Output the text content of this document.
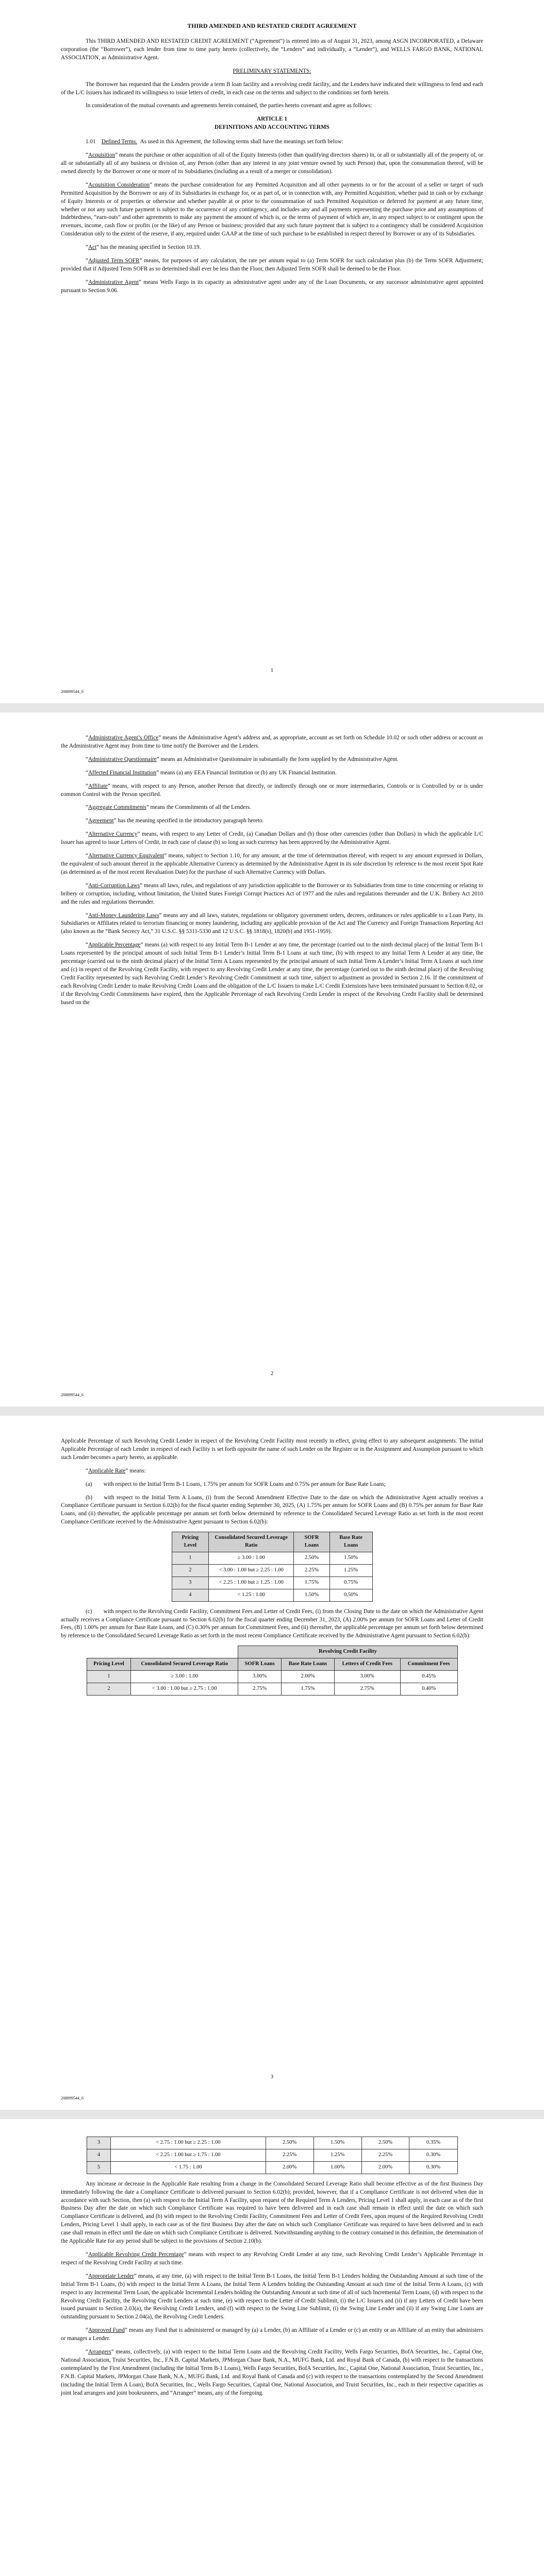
THIRD AMENDED AND RESTATED CREDIT AGREEMENT

This THIRD AMENDED AND RESTATED CREDIT AGREEMENT (“Agreement”) is entered into as of August 31, 2023, among ASGN INCORPORATED, a Delaware corporation (the “Borrower”), each lender from time to time party hereto (collectively, the “Lenders” and individually, a “Lender”), and WELLS FARGO BANK, NATIONAL ASSOCIATION, as Administrative Agent.

PRELIMINARY STATEMENTS:

The Borrower has requested that the Lenders provide a term B loan facility and a revolving credit facility, and the Lenders have indicated their willingness to lend and each of the L/C Issuers has indicated its willingness to issue letters of credit, in each case on the terms and subject to the conditions set forth herein.

In consideration of the mutual covenants and agreements herein contained, the parties hereto covenant and agree as follows:

ARTICLE 1

DEFINITIONS AND ACCOUNTING TERMS

1.01  Defined Terms.  As used in this Agreement, the following terms shall have the meanings set forth below:

“Acquisition” means the purchase or other acquisition of all of the Equity Interests (other than qualifying directors shares) in, or all or substantially all of the property of, or all or substantially all of any business or division of, any Person (other than any interest in any joint venture owned by such Person) that, upon the consummation thereof, will be owned directly by the Borrower or one or more of its Subsidiaries (including as a result of a merger or consolidation).

“Acquisition Consideration” means the purchase consideration for any Permitted Acquisition and all other payments to or for the account of a seller or target of such Permitted Acquisition by the Borrower or any of its Subsidiaries in exchange for, or as part of, or in connection with, any Permitted Acquisition, whether paid in cash or by exchange of Equity Interests or of properties or otherwise and whether payable at or prior to the consummation of such Permitted Acquisition or deferred for payment at any future time, whether or not any such future payment is subject to the occurrence of any contingency, and includes any and all payments representing the purchase price and any assumptions of Indebtedness, “earn-outs” and other agreements to make any payment the amount of which is, or the terms of payment of which are, in any respect subject to or contingent upon the revenues, income, cash flow or profits (or the like) of any Person or business; provided that any such future payment that is subject to a contingency shall be considered Acquisition Consideration only to the extent of the reserve, if any, required under GAAP at the time of such purchase to be established in respect thereof by Borrower or any of its Subsidiaries.

“Act” has the meaning specified in Section 10.19.

“Adjusted Term SOFR” means, for purposes of any calculation, the rate per annum equal to (a) Term SOFR for such calculation plus (b) the Term SOFR Adjustment; provided that if Adjusted Term SOFR as so determined shall ever be less than the Floor, then Adjusted Term SOFR shall be deemed to be the Floor.

“Administrative Agent” means Wells Fargo in its capacity as administrative agent under any of the Loan Documents, or any successor administrative agent appointed pursuant to Section 9.06.

1
208899544_6

“Administrative Agent’s Office” means the Administrative Agent’s address and, as appropriate, account as set forth on Schedule 10.02 or such other address or account as the Administrative Agent may from time to time notify the Borrower and the Lenders.

“Administrative Questionnaire” means an Administrative Questionnaire in substantially the form supplied by the Administrative Agent.

“Affected Financial Institution” means (a) any EEA Financial Institution or (b) any UK Financial Institution.

“Affiliate” means, with respect to any Person, another Person that directly, or indirectly through one or more intermediaries, Controls or is Controlled by or is under common Control with the Person specified.

“Aggregate Commitments” means the Commitments of all the Lenders.

“Agreement” has the meaning specified in the introductory paragraph hereto.

“Alternative Currency” means, with respect to any Letter of Credit, (a) Canadian Dollars and (b) those other currencies (other than Dollars) in which the applicable L/C Issuer has agreed to issue Letters of Credit, in each case of clause (b) so long as such currency has been approved by the Administrative Agent.

“Alternative Currency Equivalent” means, subject to Section 1.10, for any amount, at the time of determination thereof, with respect to any amount expressed in Dollars, the equivalent of such amount thereof in the applicable Alternative Currency as determined by the Administrative Agent in its sole discretion by reference to the most recent Spot Rate (as determined as of the most recent Revaluation Date) for the purchase of such Alternative Currency with Dollars.

“Anti-Corruption Laws” means all laws, rules, and regulations of any jurisdiction applicable to the Borrower or its Subsidiaries from time to time concerning or relating to bribery or corruption, including, without limitation, the United States Foreign Corrupt Practices Act of 1977 and the rules and regulations thereunder and the U.K. Bribery Act 2010 and the rules and regulations thereunder.

“Anti-Money Laundering Laws” means any and all laws, statutes, regulations or obligatory government orders, decrees, ordinances or rules applicable to a Loan Party, its Subsidiaries or Affiliates related to terrorism financing or money laundering, including any applicable provision of the Act and The Currency and Foreign Transactions Reporting Act (also known as the “Bank Secrecy Act,” 31 U.S.C. §§ 5311-5330 and 12 U.S.C. §§ 1818(s), 1820(b) and 1951-1959).

“Applicable Percentage” means (a) with respect to any Initial Term B-1 Lender at any time, the percentage (carried out to the ninth decimal place) of the Initial Term B-1 Loans represented by the principal amount of such Initial Term B-1 Lender’s Initial Term B-1 Loans at such time, (b) with respect to any Initial Term A Lender at any time, the percentage (carried out to the ninth decimal place) of the Initial Term A Loans represented by the principal amount of such Initial Term A Lender’s Initial Term A Loans at such time and (c) in respect of the Revolving Credit Facility, with respect to any Revolving Credit Lender at any time, the percentage (carried out to the ninth decimal place) of the Revolving Credit Facility represented by such Revolving Credit Lender’s Revolving Credit Commitment at such time, subject to adjustment as provided in Section 2.16. If the commitment of each Revolving Credit Lender to make Revolving Credit Loans and the obligation of the L/C Issuers to make L/C Credit Extensions have been terminated pursuant to Section 8.02, or if the Revolving Credit Commitments have expired, then the Applicable Percentage of each Revolving Credit Lender in respect of the Revolving Credit Facility shall be determined based on the

2
208899544_6

Applicable Percentage of such Revolving Credit Lender in respect of the Revolving Credit Facility most recently in effect, giving effect to any subsequent assignments. The initial Applicable Percentage of each Lender in respect of each Facility is set forth opposite the name of such Lender on the Register or in the Assignment and Assumption pursuant to which such Lender becomes a party hereto, as applicable.

“Applicable Rate” means:

(a)  with respect to the Initial Term B-1 Loans, 1.75% per annum for SOFR Loans and 0.75% per annum for Base Rate Loans;

(b)  with respect to the Initial Term A Loans, (i) from the Second Amendment Effective Date to the date on which the Administrative Agent actually receives a Compliance Certificate pursuant to Section 6.02(b) for the fiscal quarter ending September 30, 2025, (A) 1.75% per annum for SOFR Loans and (B) 0.75% per annum for Base Rate Loans, and (ii) thereafter, the applicable percentage per annum set forth below determined by reference to the Consolidated Secured Leverage Ratio as set forth in the most recent Compliance Certificate received by the Administrative Agent pursuant to Section 6.02(b):

Pricing Level	Consolidated Secured Leverage Ratio	SOFR Loans	Base Rate Loans
1	≥ 3.00 : 1.00	2.50%	1.50%
2	< 3.00 : 1.00 but ≥ 2.25 : 1.00	2.25%	1.25%
3	< 2.25 : 1.00 but ≥ 1.25 : 1.00	1.75%	0.75%
4	< 1.25 : 1.00	1.50%	0.50%

(c)  with respect to the Revolving Credit Facility, Commitment Fees and Letter of Credit Fees, (i) from the Closing Date to the date on which the Administrative Agent actually receives a Compliance Certificate pursuant to Section 6.02(b) for the fiscal quarter ending December 31, 2023, (A) 2.00% per annum for SOFR Loans and Letter of Credit Fees, (B) 1.00% per annum for Base Rate Loans, and (C) 0.30% per annum for Commitment Fees, and (ii) thereafter, the applicable percentage per annum set forth below determined by reference to the Consolidated Secured Leverage Ratio as set forth in the most recent Compliance Certificate received by the Administrative Agent pursuant to Section 6.02(b):

		Revolving Credit Facility			
Pricing Level	Consolidated Secured Leverage Ratio	SOFR Loans	Base Rate Loans	Letters of Credit Fees	Commitment Fees
1	≥ 3.00 : 1.00	3.00%	2.00%	3.00%	0.45%
2	< 3.00 : 1.00 but ≥ 2.75 : 1.00	2.75%	1.75%	2.75%	0.40%
3
208899544_6
3	< 2.75 : 1.00 but ≥ 2.25 : 1.00	2.50%	1.50%	2.50%	0.35%
4	< 2.25 : 1.00 but ≥ 1.75 : 1.00	2.25%	1.25%	2.25%	0.30%
5	< 1.75 : 1.00	2.00%	1.00%	2.00%	0.30%

Any increase or decrease in the Applicable Rate resulting from a change in the Consolidated Secured Leverage Ratio shall become effective as of the first Business Day immediately following the date a Compliance Certificate is delivered pursuant to Section 6.02(b); provided, however, that if a Compliance Certificate is not delivered when due in accordance with such Section, then (a) with respect to the Initial Term A Facility, upon request of the Required Term A Lenders, Pricing Level 1 shall apply, in each case as of the first Business Day after the date on which such Compliance Certificate was required to have been delivered and in each case shall remain in effect until the date on which such Compliance Certificate is delivered, and (b) with respect to the Revolving Credit Facility, Commitment Fees and Letter of Credit Fees, upon request of the Required Revolving Credit Lenders, Pricing Level 1 shall apply, in each case as of the first Business Day after the date on which such Compliance Certificate was required to have been delivered and in each case shall remain in effect until the date on which such Compliance Certificate is delivered. Notwithstanding anything to the contrary contained in this definition, the determination of the Applicable Rate for any period shall be subject to the provisions of Section 2.10(b).

“Applicable Revolving Credit Percentage” means with respect to any Revolving Credit Lender at any time, such Revolving Credit Lender’s Applicable Percentage in respect of the Revolving Credit Facility at such time.

“Appropriate Lender” means, at any time, (a) with respect to the Initial Term B-1 Loans, the Initial Term B-1 Lenders holding the Outstanding Amount at such time of the Initial Term B-1 Loans, (b) with respect to the Initial Term A Loans, the Initial Term A Lenders holding the Outstanding Amount at such time of the Initial Term A Loans, (c) with respect to any Incremental Term Loan, the applicable Incremental Lenders holding the Outstanding Amount at such time of all of such Incremental Term Loans, (d) with respect to the Revolving Credit Facility, the Revolving Credit Lenders at such time, (e) with respect to the Letter of Credit Sublimit, (i) the L/C Issuers and (ii) if any Letters of Credit have been issued pursuant to Section 2.03(a), the Revolving Credit Lenders, and (f) with respect to the Swing Line Sublimit, (i) the Swing Line Lender and (ii) if any Swing Line Loans are outstanding pursuant to Section 2.04(a), the Revolving Credit Lenders.

“Approved Fund” means any Fund that is administered or managed by (a) a Lender, (b) an Affiliate of a Lender or (c) an entity or an Affiliate of an entity that administers or manages a Lender.

“Arrangers” means, collectively, (a) with respect to the Initial Term Loans and the Revolving Credit Facility, Wells Fargo Securities, BofA Securities, Inc., Capital One, National Association, Truist Securities, Inc., F.N.B. Capital Markets, JPMorgan Chase Bank, N.A., MUFG Bank, Ltd. and Royal Bank of Canada, (b) with respect to the transactions contemplated by the First Amendment (including the Initial Term B-1 Loans), Wells Fargo Securities, BofA Securities, Inc., Capital One, National Association, Truist Securities, Inc., F.N.B. Capital Markets, JPMorgan Chase Bank, N.A., MUFG Bank, Ltd. and Royal Bank of Canada and (c) with respect to the transactions contemplated by the Second Amendment (including the Initial Term A Loan), BofA Securities, Inc., Wells Fargo Securities, Capital One, National Association, and Truist Securities, Inc., each in their respective capacities as joint lead arrangers and joint bookrunners, and “Arranger” means, any of the foregoing.
